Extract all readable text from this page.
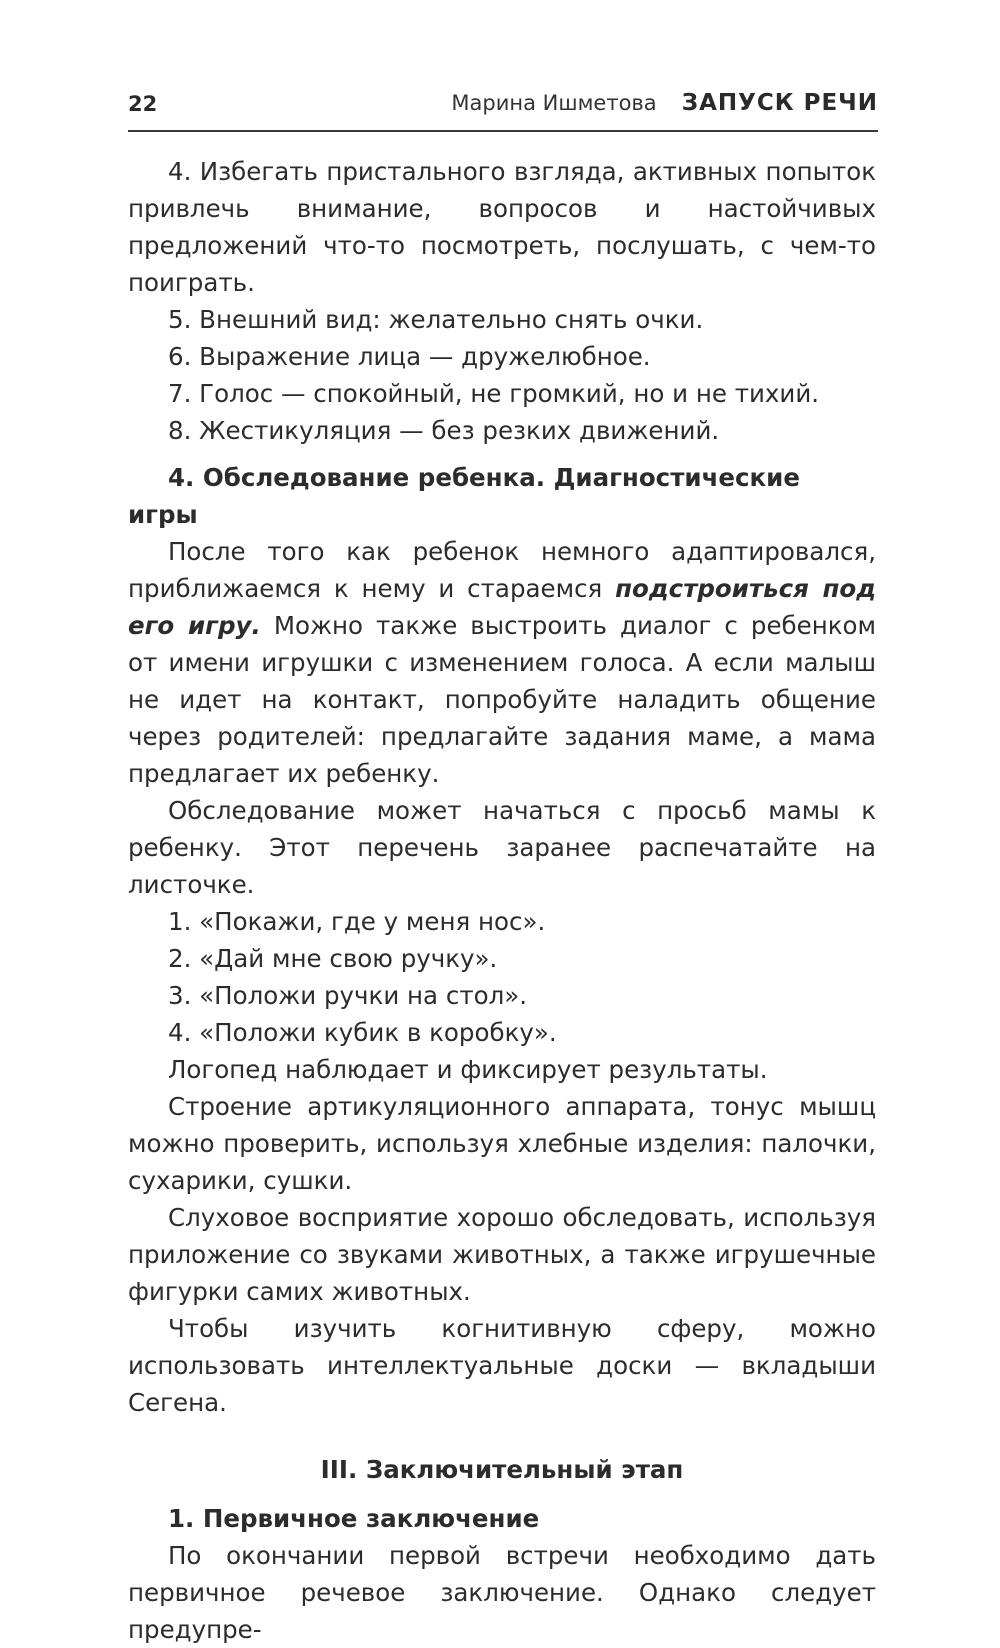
22	Марина Ишметова ЗАПУСК РЕЧИ

4. Избегать пристального взгляда, активных попыток привлечь внимание, вопросов и настойчивых предложений что-то посмотреть, послушать, с чем-то поиграть.

5. Внешний вид: желательно снять очки.

6. Выражение лица — дружелюбное.

7. Голос — спокойный, не громкий, но и не тихий.

8. Жестикуляция — без резких движений.

4. Обследование ребенка. Диагностические игры

После того как ребенок немного адаптировался, приближаемся к нему и стараемся подстроиться под его игру. Можно также выстроить диалог с ребенком от имени игрушки с изменением голоса. А если малыш не идет на контакт, попробуйте наладить общение через родителей: предлагайте задания маме, а мама предлагает их ребенку.

Обследование может начаться с просьб мамы к ребенку. Этот перечень заранее распечатайте на листочке.

1. «Покажи, где у меня нос».

2. «Дай мне свою ручку».

3. «Положи ручки на стол».

4. «Положи кубик в коробку».

Логопед наблюдает и фиксирует результаты.

Строение артикуляционного аппарата, тонус мышц можно проверить, используя хлебные изделия: палочки, сухарики, сушки.

Слуховое восприятие хорошо обследовать, используя приложение со звуками животных, а также игрушечные фигурки самих животных.

Чтобы изучить когнитивную сферу, можно использовать интеллектуальные доски — вкладыши Сегена.

III. Заключительный этап

1. Первичное заключение

По окончании первой встречи необходимо дать первичное речевое заключение. Однако следует предупре-
